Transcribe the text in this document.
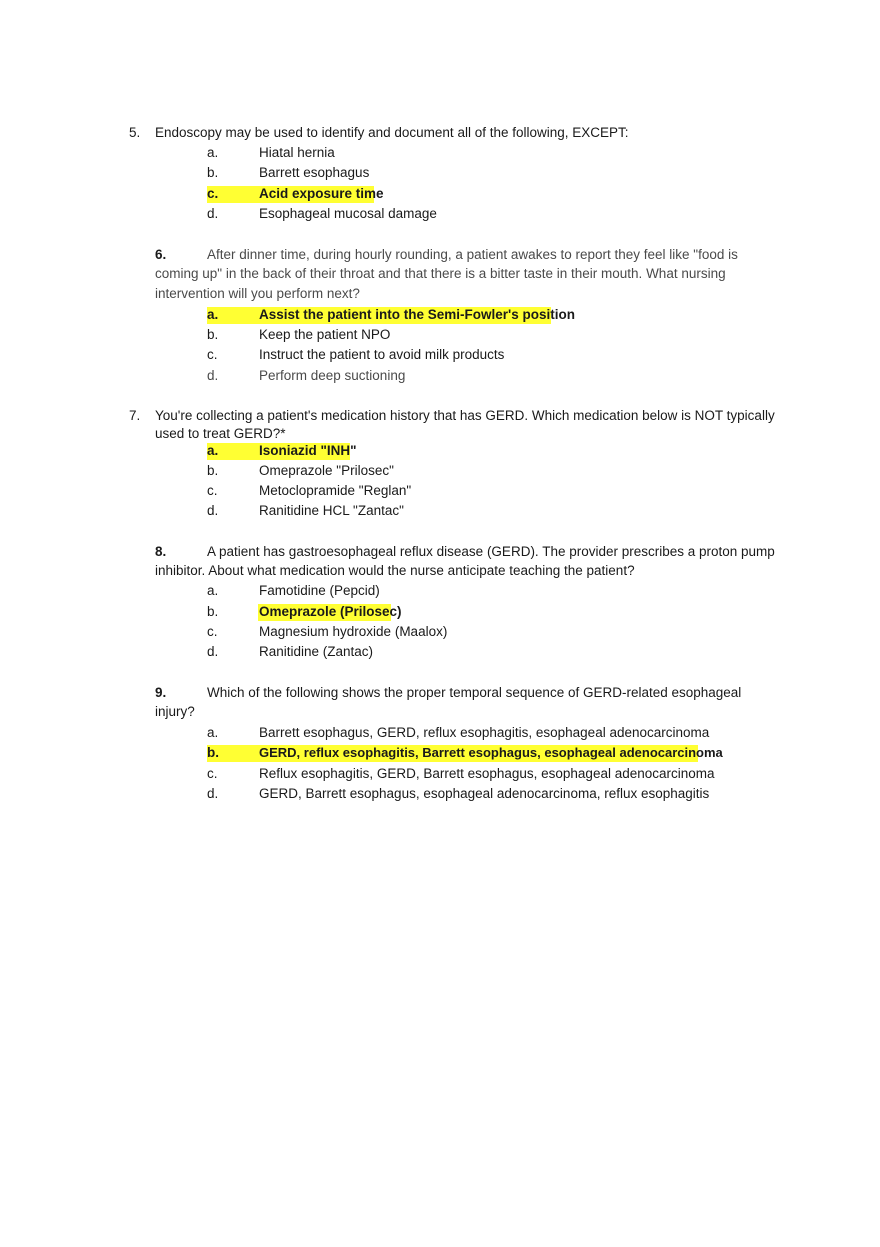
5. Endoscopy may be used to identify and document all of the following, EXCEPT:
a.	Hiatal hernia
b.	Barrett esophagus
c.	Acid exposure time
d.	Esophageal mucosal damage
6.	After dinner time, during hourly rounding, a patient awakes to report they feel like "food is
coming up" in the back of their throat and that there is a bitter taste in their mouth. What nursing
intervention will you perform next?
a.	Assist the patient into the Semi-Fowler's position
b.	Keep the patient NPO
c.	Instruct the patient to avoid milk products
d.	Perform deep suctioning
7. You're collecting a patient's medication history that has GERD. Which medication below is NOT typically
used to treat GERD?*
a.	Isoniazid "INH"
b.	Omeprazole "Prilosec"
c.	Metoclopramide "Reglan"
d.	Ranitidine HCL "Zantac"
8.	A patient has gastroesophageal reflux disease (GERD). The provider prescribes a proton pump
inhibitor. About what medication would the nurse anticipate teaching the patient?
a.	Famotidine (Pepcid)
b.	Omeprazole (Prilosec)
c.	Magnesium hydroxide (Maalox)
d.	Ranitidine (Zantac)
9.	Which of the following shows the proper temporal sequence of GERD-related esophageal
injury?
a.	Barrett esophagus, GERD, reflux esophagitis, esophageal adenocarcinoma
b.	GERD, reflux esophagitis, Barrett esophagus, esophageal adenocarcinoma
c.	Reflux esophagitis, GERD, Barrett esophagus, esophageal adenocarcinoma
d.	GERD, Barrett esophagus, esophageal adenocarcinoma, reflux esophagitis
